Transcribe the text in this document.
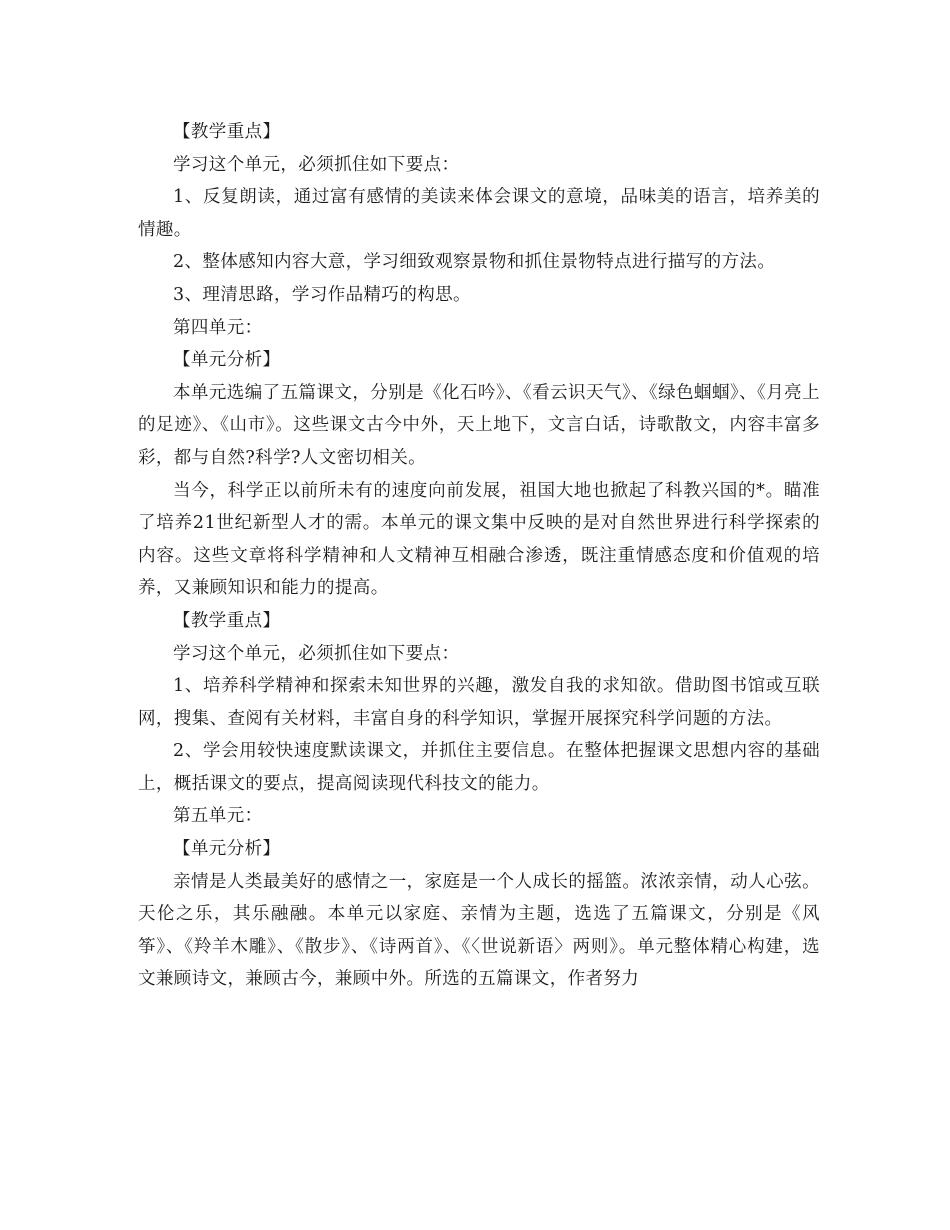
【教学重点】

学习这个单元，必须抓住如下要点：

1、反复朗读，通过富有感情的美读来体会课文的意境，品味美的语言，培养美的情趣。

2、整体感知内容大意，学习细致观察景物和抓住景物特点进行描写的方法。

3、理清思路，学习作品精巧的构思。

第四单元：

【单元分析】

本单元选编了五篇课文，分别是《化石吟》、《看云识天气》、《绿色蝈蝈》、《月亮上的足迹》、《山市》。这些课文古今中外，天上地下，文言白话，诗歌散文，内容丰富多彩，都与自然?科学?人文密切相关。

当今，科学正以前所未有的速度向前发展，祖国大地也掀起了科教兴国的*。瞄准了培养21世纪新型人才的需。本单元的课文集中反映的是对自然世界进行科学探索的内容。这些文章将科学精神和人文精神互相融合渗透，既注重情感态度和价值观的培养，又兼顾知识和能力的提高。

【教学重点】

学习这个单元，必须抓住如下要点：

1、培养科学精神和探索未知世界的兴趣，激发自我的求知欲。借助图书馆或互联网，搜集、查阅有关材料，丰富自身的科学知识，掌握开展探究科学问题的方法。

2、学会用较快速度默读课文，并抓住主要信息。在整体把握课文思想内容的基础上，概括课文的要点，提高阅读现代科技文的能力。

第五单元：

【单元分析】

亲情是人类最美好的感情之一，家庭是一个人成长的摇篮。浓浓亲情，动人心弦。天伦之乐，其乐融融。本单元以家庭、亲情为主题，选选了五篇课文，分别是《风筝》、《羚羊木雕》、《散步》、《诗两首》、《〈世说新语〉两则》。单元整体精心构建，选文兼顾诗文，兼顾古今，兼顾中外。所选的五篇课文，作者努力
